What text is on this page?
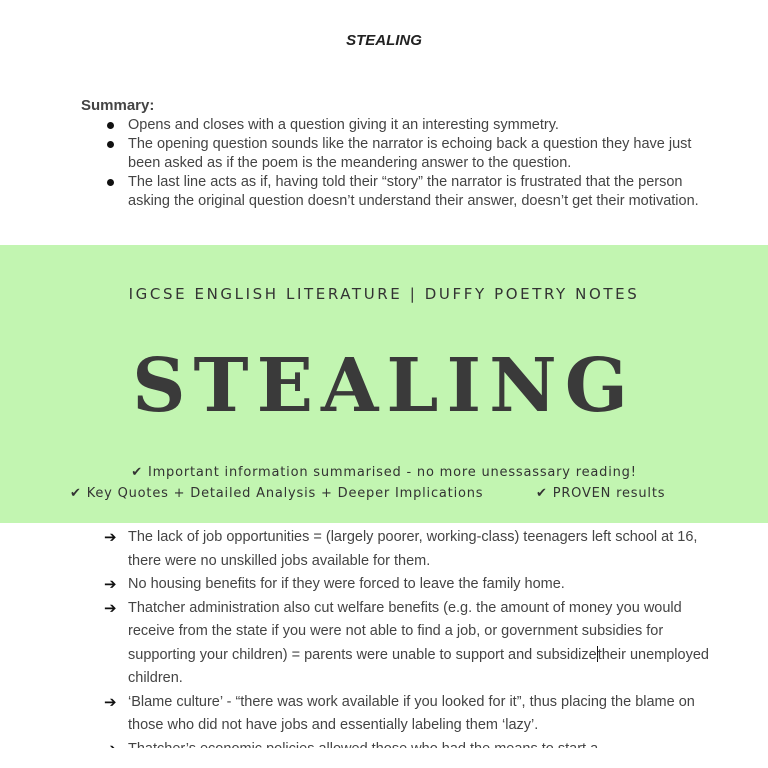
STEALING
Summary:
Opens and closes with a question giving it an interesting symmetry.
The opening question sounds like the narrator is echoing back a question they have just been asked as if the poem is the meandering answer to the question.
The last line acts as if, having told their “story” the narrator is frustrated that the person asking the original question doesn’t understand their answer, doesn’t get their motivation.
➔ The lack of job opportunities = (largely poorer, working-class) teenagers left school at 16, there were no unskilled jobs available for them.
➔ No housing benefits for if they were forced to leave the family home.
➔ Thatcher administration also cut welfare benefits (e.g. the amount of money you would receive from the state if you were not able to find a job, or government subsidies for supporting your children) = parents were unable to support and subsidizetheir unemployed children.
➔ ‘Blame culture’ - “there was work available if you looked for it”, thus placing the blame on those who did not have jobs and essentially labeling them ‘lazy’.
IGCSE ENGLISH LITERATURE | DUFFY POETRY NOTES
STEALING
✔ Important information summarised - no more unessassary reading!
✔ Key Quotes + Detailed Analysis + Deeper Implications	✔ PROVEN results
